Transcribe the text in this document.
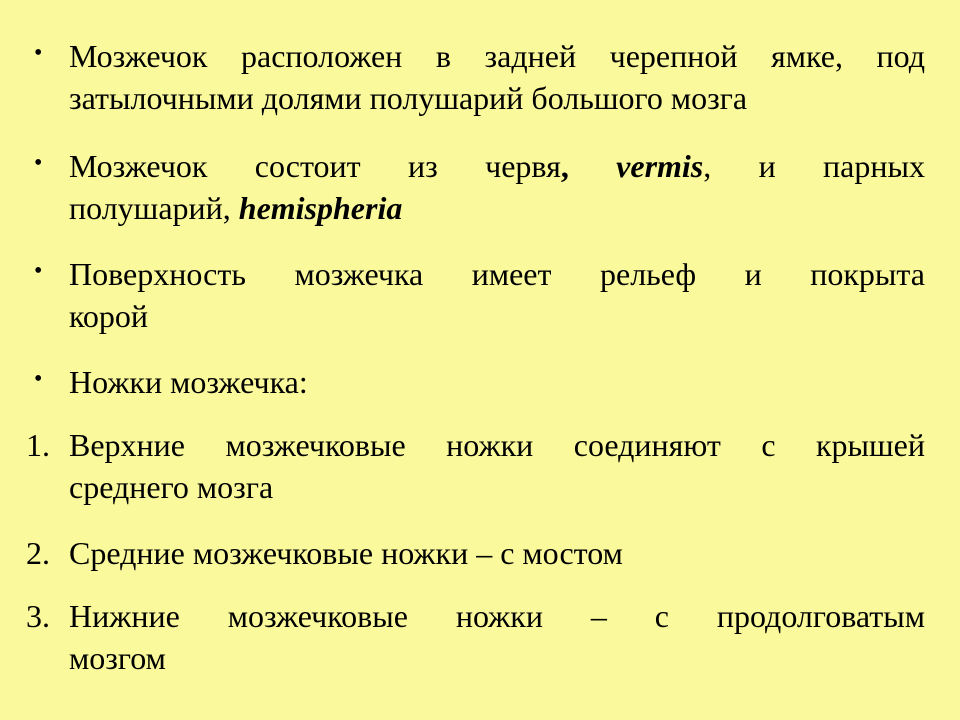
• Мозжечок расположен в задней черепной ямке, под
затылочными долями полушарий большого мозга
• Мозжечок состоит из червя, vermis, и парных
полушарий, hemispheria
• Поверхность мозжечка имеет рельеф и покрыта
корой
• Ножки мозжечка:
1. Верхние мозжечковые ножки соединяют с крышей
среднего мозга
2. Средние мозжечковые ножки – с мостом
3. Нижние мозжечковые ножки – с продолговатым
мозгом
